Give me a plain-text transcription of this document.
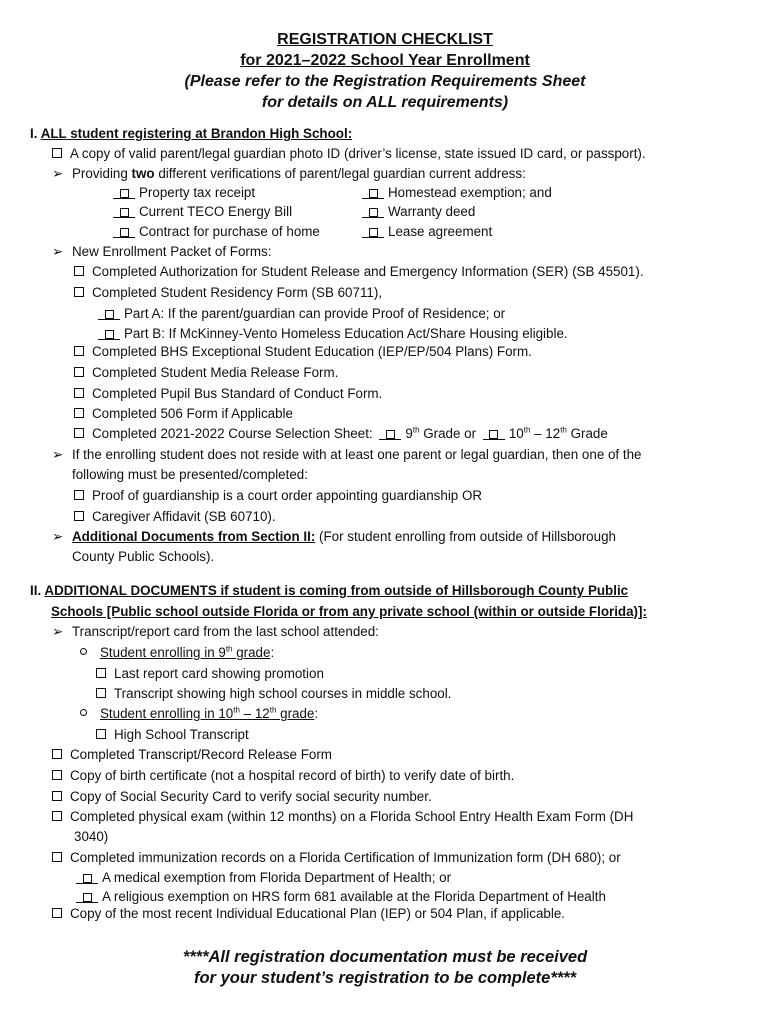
REGISTRATION CHECKLIST
for 2021–2022 School Year Enrollment
(Please refer to the Registration Requirements Sheet
for details on ALL requirements)
I. ALL student registering at Brandon High School:
A copy of valid parent/legal guardian photo ID (driver’s license, state issued ID card, or passport).
➢ Providing two different verifications of parent/legal guardian current address:
Property tax receipt	Homestead exemption; and
Current TECO Energy Bill	Warranty deed
Contract for purchase of home	Lease agreement
➢ New Enrollment Packet of Forms:
Completed Authorization for Student Release and Emergency Information (SER) (SB 45501).
Completed Student Residency Form (SB 60711),
Part A: If the parent/guardian can provide Proof of Residence; or
Part B: If McKinney-Vento Homeless Education Act/Share Housing eligible.
Completed BHS Exceptional Student Education (IEP/EP/504 Plans) Form.
Completed Student Media Release Form.
Completed Pupil Bus Standard of Conduct Form.
Completed 506 Form if Applicable
Completed 2021-2022 Course Selection Sheet: 9th Grade or 10th – 12th Grade
➢ If the enrolling student does not reside with at least one parent or legal guardian, then one of the
following must be presented/completed:
Proof of guardianship is a court order appointing guardianship OR
Caregiver Affidavit (SB 60710).
➢ Additional Documents from Section II: (For student enrolling from outside of Hillsborough
County Public Schools).
II. ADDITIONAL DOCUMENTS if student is coming from outside of Hillsborough County Public
Schools [Public school outside Florida or from any private school (within or outside Florida)]:
➢ Transcript/report card from the last school attended:
Student enrolling in 9th grade:
Last report card showing promotion
Transcript showing high school courses in middle school.
Student enrolling in 10th – 12th grade:
High School Transcript
Completed Transcript/Record Release Form
Copy of birth certificate (not a hospital record of birth) to verify date of birth.
Copy of Social Security Card to verify social security number.
Completed physical exam (within 12 months) on a Florida School Entry Health Exam Form (DH
3040)
Completed immunization records on a Florida Certification of Immunization form (DH 680); or
A medical exemption from Florida Department of Health; or
A religious exemption on HRS form 681 available at the Florida Department of Health
Copy of the most recent Individual Educational Plan (IEP) or 504 Plan, if applicable.
****All registration documentation must be received
for your student’s registration to be complete****
